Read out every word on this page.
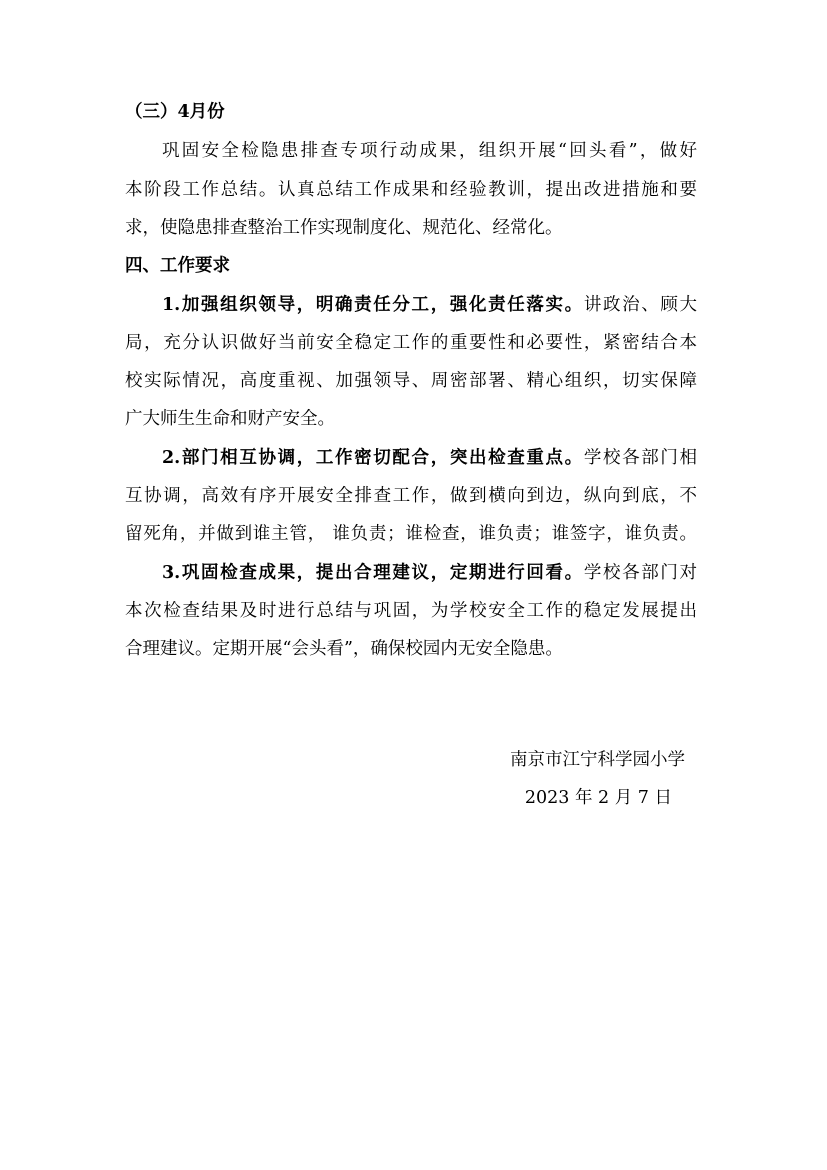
（三）4月份

巩固安全检隐患排查专项行动成果，组织开展“回头看”，做好

本阶段工作总结。认真总结工作成果和经验教训，提出改进措施和要

求，使隐患排查整治工作实现制度化、规范化、经常化。

四、工作要求

1.加强组织领导，明确责任分工，强化责任落实。讲政治、顾大

局，充分认识做好当前安全稳定工作的重要性和必要性，紧密结合本

校实际情况，高度重视、加强领导、周密部署、精心组织，切实保障

广大师生生命和财产安全。

2.部门相互协调，工作密切配合，突出检查重点。学校各部门相

互协调，高效有序开展安全排查工作，做到横向到边，纵向到底，不

留死角，并做到谁主管， 谁负责；谁检查，谁负责；谁签字，谁负责。

3.巩固检查成果，提出合理建议，定期进行回看。学校各部门对

本次检查结果及时进行总结与巩固，为学校安全工作的稳定发展提出

合理建议。定期开展“会头看”，确保校园内无安全隐患。

南京市江宁科学园小学

2023 年 2 月 7 日
